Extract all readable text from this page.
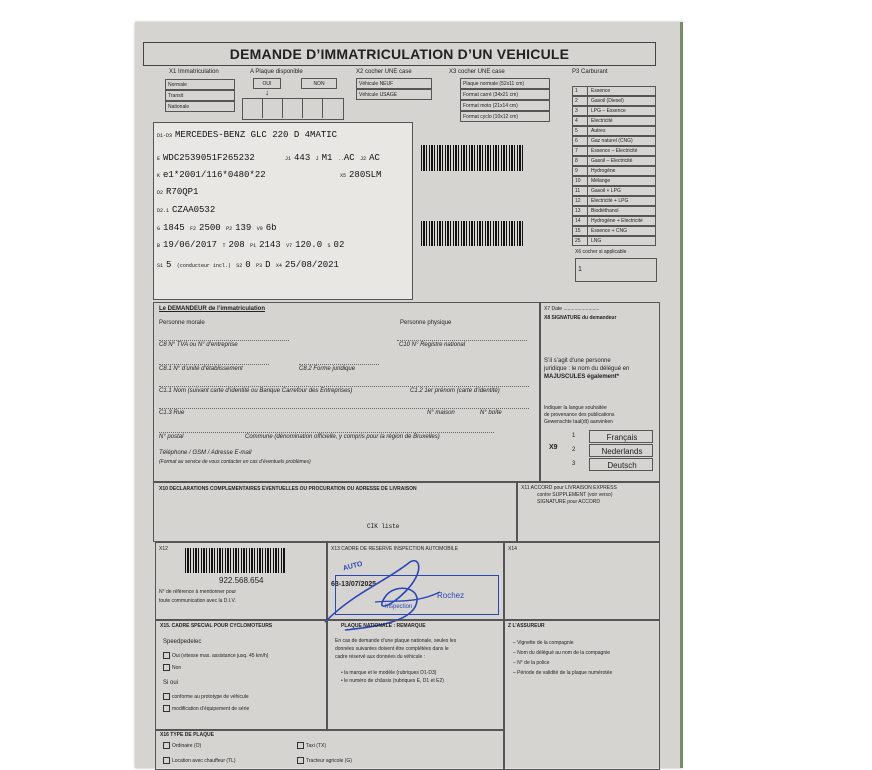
DEMANDE D’IMMATRICULATION D’UN VEHICULE
X1 Immatriculation
Normale
Transit
Nationale
A Plaque disponible
OUI	NON
↓
X2 cocher UNE case
Véhicule NEUF
Véhicule USAGE
X3 cocher UNE case
Plaque normale (52x11 cm)
Format carré (34x21 cm)
Format moto (21x14 cm)
Format cyclo (10x12 cm)
P3 Carburant
1	Essence
2	Gasoil (Diesel)
3	LPG – Essence
4	Electricité
5	Autres
6	Gaz naturel (CNG)
7	Essence – Electricité
8	Gasoil – Electricité
9	Hydrogène
10 Mélange
11 Gasoil + LPG
12 Electricité + LPG
13 Biodiéthanol
14 Hydrogène + Electricité
15 Essence + CNG
25 LNG
X6 cocher si applicable
1
D1-D3 MERCEDES-BENZ GLC 220 D 4MATIC
E WDC2539051F265232	J1 443 J M1 ..AC J2 AC
K e1*2001/116*0480*22	X5 280SLM
D2 R70QP1
D2.1 CZAA0532
G 1845 F2 2500 P2 139 V9 6b
B 19/06/2017 T 208 P1 2143 V7 120.0 S 02
S1 5 (conducteur incl.) S2 0 P3 D X4 25/08/2021
Le DEMANDEUR de l’immatriculation
Personne morale	Personne physique
C8 N° TVA ou N° d’entreprise	C10 N° Registre national
C8.1 N° d’unité d’établissement	C8.2 Forme juridique
C1.1 Nom (suivant carte d’identité ou Banque Carrefour des Entreprises)	C1.2 1er prénom (carte d’identité)
C1.3 Rue	N° maison	N° boîte
N° postal	Commune (dénomination officielle, y compris pour la région de Bruxelles)
Téléphone / GSM / Adresse E-mail
(Format au service de vous contacter en cas d’éventuels problèmes)
X7 Date ..........................
X8 SIGNATURE du demandeur
S’il s’agit d’une personne
juridique : le nom du délégué en
MAJUSCULES également*
Indiquer la langue souhaitée
de provenance des publications
Gewenschte taal(dt) aanvinken
X9
1
2
3
Français
Nederlands
Deutsch
X10 DECLARATIONS COMPLEMENTAIRES EVENTUELLES OU PROCURATION OU ADRESSE DE LIVRAISON
CIK liste
X11 ACCORD pour LIVRAISON EXPRESS
contre SUPPLEMENT (voir verso)
SIGNATURE pour ACCORD
X12
922.568.654
N° de référence à mentionner pour
toute communication avec la D.I.V.
X13 CADRE DE RESERVE INSPECTION AUTOMOBILE
63-13/07/2025
AUTO
Rochez
Inspection
X14
X15. CADRE SPECIAL POUR CYCLOMOTEURS
Speedpedelec
Oui (vitesse max. assistance jusq. 45 km/h)
Non
Si oui
conforme au prototype de véhicule
modification d’équipement de série
PLAQUE NATIONALE : REMARQUE
En cas de demande d’une plaque nationale, seules les
données suivantes doivent être complétées dans le
cadre réservé aux données du véhicule :
• la marque et le modèle (rubriques D1-D3)
• le numéro de châssis (rubriques E, D1 et E2)
Z L’ASSUREUR
– Vignette de la compagnie
– Nom du délégué au nom de la compagnie
– N° de la police
– Période de validité de la plaque numérotée
X16 TYPE DE PLAQUE
Ordinaire (O)	Taxi (TX)
Location avec chauffeur (TL)	Tracteur agricole (G)
